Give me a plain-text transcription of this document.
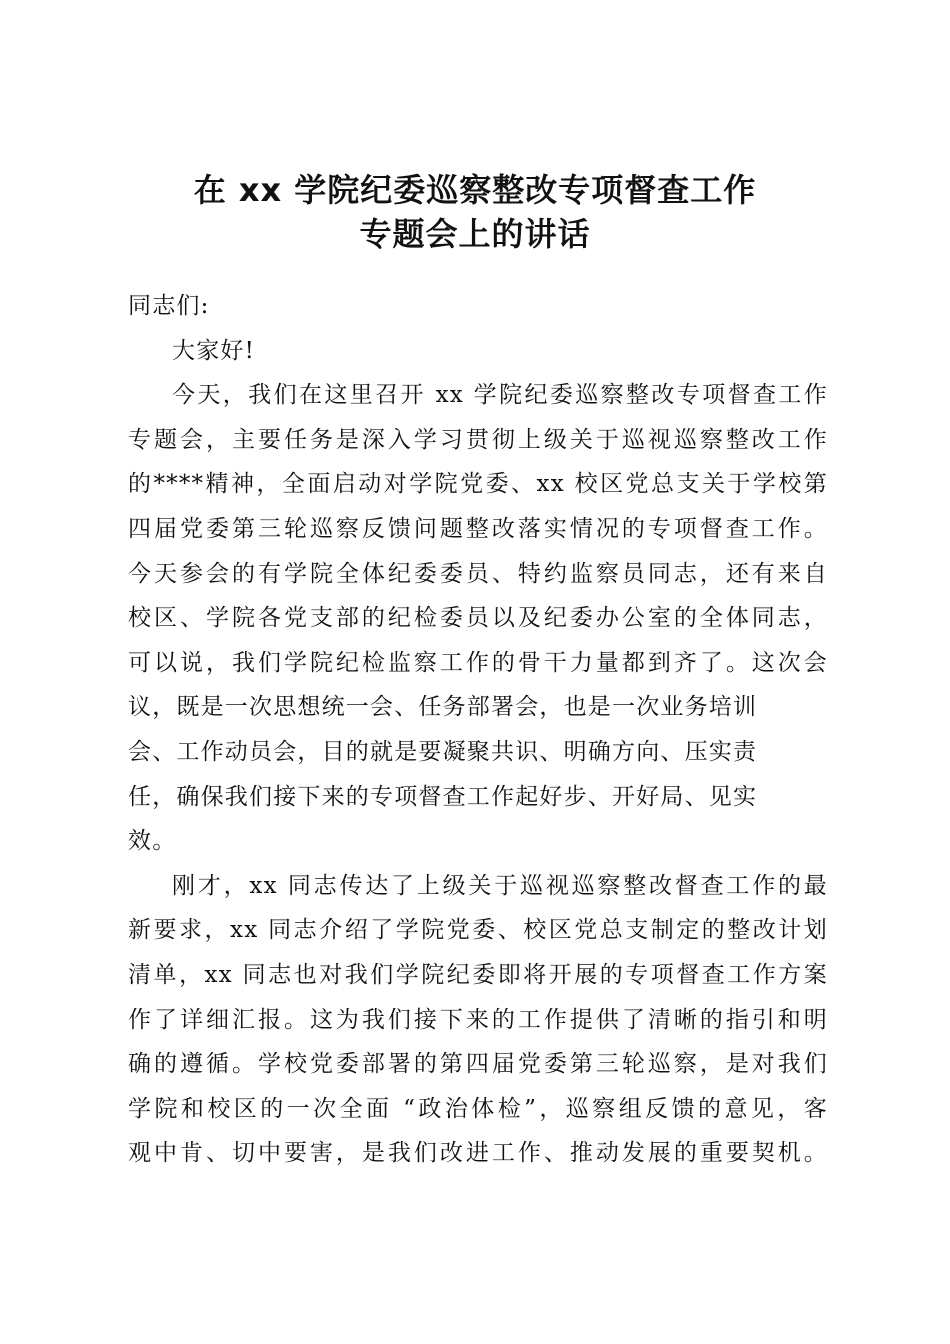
在 xx 学院纪委巡察整改专项督查工作
专题会上的讲话
同志们:
大家好!
今天，我们在这里召开 xx 学院纪委巡察整改专项督查工作
专题会，主要任务是深入学习贯彻上级关于巡视巡察整改工作
的****精神，全面启动对学院党委、xx 校区党总支关于学校第
四届党委第三轮巡察反馈问题整改落实情况的专项督查工作。
今天参会的有学院全体纪委委员、特约监察员同志，还有来自
校区、学院各党支部的纪检委员以及纪委办公室的全体同志，
可以说，我们学院纪检监察工作的骨干力量都到齐了。这次会
议，既是一次思想统一会、任务部署会，也是一次业务培训
会、工作动员会，目的就是要凝聚共识、明确方向、压实责
任，确保我们接下来的专项督查工作起好步、开好局、见实
效。
刚才，xx 同志传达了上级关于巡视巡察整改督查工作的最
新要求，xx 同志介绍了学院党委、校区党总支制定的整改计划
清单，xx 同志也对我们学院纪委即将开展的专项督查工作方案
作了详细汇报。这为我们接下来的工作提供了清晰的指引和明
确的遵循。学校党委部署的第四届党委第三轮巡察，是对我们
学院和校区的一次全面 “政治体检”，巡察组反馈的意见，客
观中肯、切中要害，是我们改进工作、推动发展的重要契机。
